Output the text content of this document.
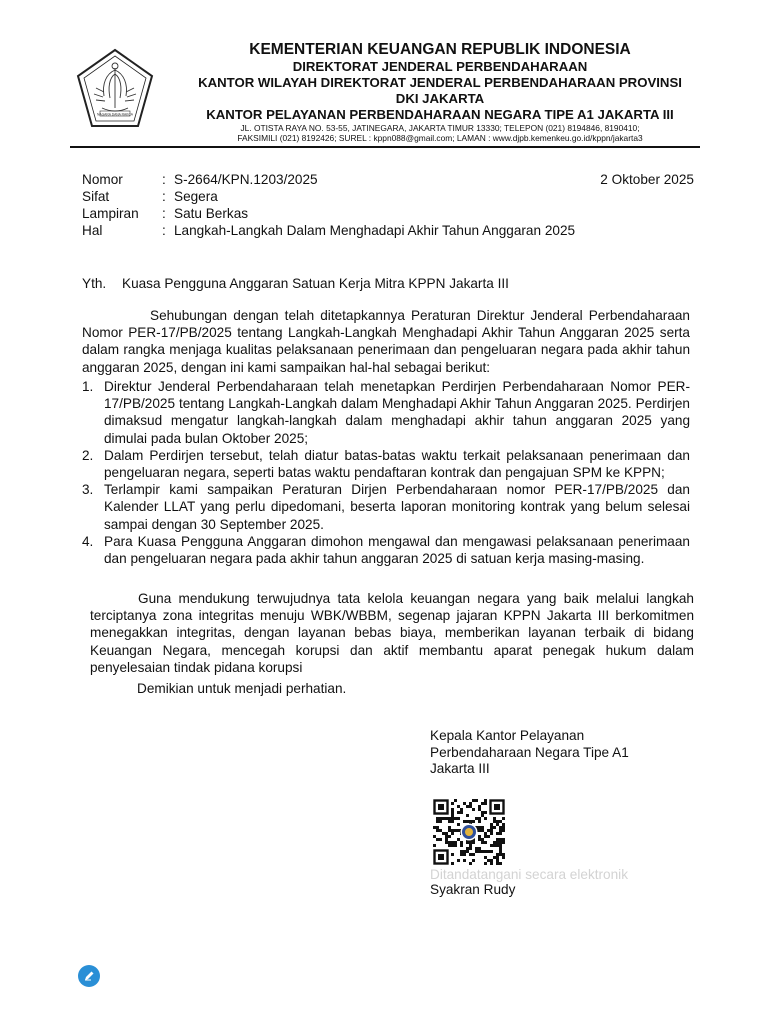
NAGARA DANA RAKCA
KEMENTERIAN KEUANGAN REPUBLIK INDONESIA
DIREKTORAT JENDERAL PERBENDAHARAAN
KANTOR WILAYAH DIREKTORAT JENDERAL PERBENDAHARAAN PROVINSI
DKI JAKARTA
KANTOR PELAYANAN PERBENDAHARAAN NEGARA TIPE A1 JAKARTA III
JL. OTISTA RAYA NO. 53-55, JATINEGARA, JAKARTA TIMUR 13330; TELEPON (021) 8194846, 8190410;
FAKSIMILI (021) 8192426; SUREL : kppn088@gmail.com; LAMAN : www.djpb.kemenkeu.go.id/kppn/jakarta3
Nomor	: S-2664/KPN.1203/2025
Sifat	: Segera
Lampiran	: Satu Berkas
Hal	: Langkah-Langkah Dalam Menghadapi Akhir Tahun Anggaran 2025
2 Oktober 2025
Yth. Kuasa Pengguna Anggaran Satuan Kerja Mitra KPPN Jakarta III
Sehubungan dengan telah ditetapkannya Peraturan Direktur Jenderal Perbendaharaan Nomor PER-17/PB/2025 tentang Langkah-Langkah Menghadapi Akhir Tahun Anggaran 2025 serta dalam rangka menjaga kualitas pelaksanaan penerimaan dan pengeluaran negara pada akhir tahun anggaran 2025, dengan ini kami sampaikan hal-hal sebagai berikut:
1. Direktur Jenderal Perbendaharaan telah menetapkan Perdirjen Perbendaharaan Nomor PER-17/PB/2025 tentang Langkah-Langkah dalam Menghadapi Akhir Tahun Anggaran 2025. Perdirjen dimaksud mengatur langkah-langkah dalam menghadapi akhir tahun anggaran 2025 yang dimulai pada bulan Oktober 2025;
2. Dalam Perdirjen tersebut, telah diatur batas-batas waktu terkait pelaksanaan penerimaan dan pengeluaran negara, seperti batas waktu pendaftaran kontrak dan pengajuan SPM ke KPPN;
3. Terlampir kami sampaikan Peraturan Dirjen Perbendaharaan nomor PER-17/PB/2025 dan Kalender LLAT yang perlu dipedomani, beserta laporan monitoring kontrak yang belum selesai sampai dengan 30 September 2025.
4. Para Kuasa Pengguna Anggaran dimohon mengawal dan mengawasi pelaksanaan penerimaan dan pengeluaran negara pada akhir tahun anggaran 2025 di satuan kerja masing-masing.
Guna mendukung terwujudnya tata kelola keuangan negara yang baik melalui langkah terciptanya zona integritas menuju WBK/WBBM, segenap jajaran KPPN Jakarta III berkomitmen menegakkan integritas, dengan layanan bebas biaya, memberikan layanan terbaik di bidang Keuangan Negara, mencegah korupsi dan aktif membantu aparat penegak hukum dalam penyelesaian tindak pidana korupsi
Demikian untuk menjadi perhatian.
Kepala Kantor Pelayanan
Perbendaharaan Negara Tipe A1
Jakarta III
Ditandatangani secara elektronik
Syakran Rudy
